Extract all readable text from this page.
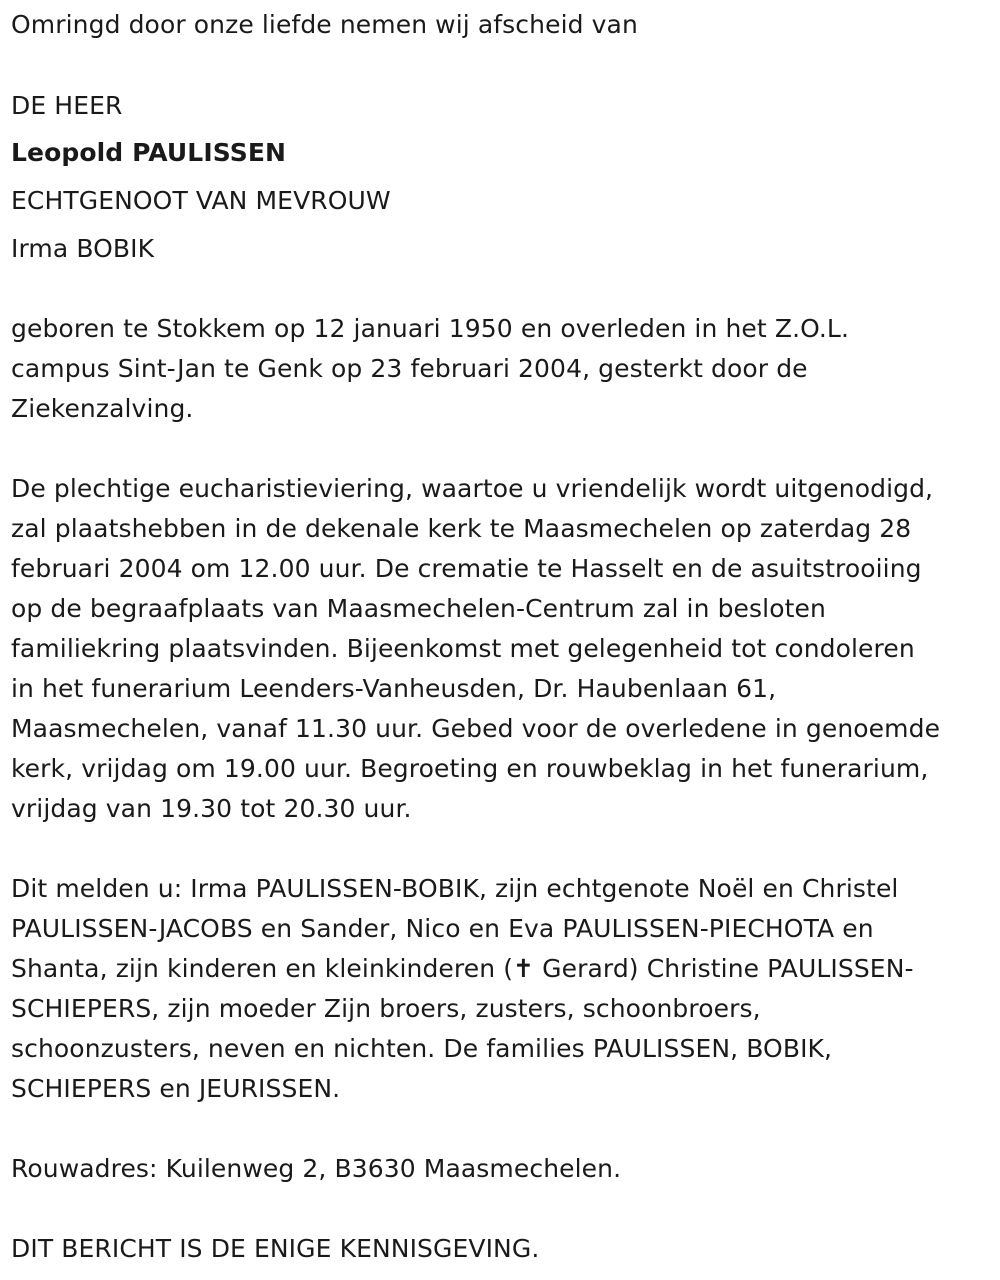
Omringd door onze liefde nemen wij afscheid van
DE HEER
Leopold PAULISSEN
ECHTGENOOT VAN MEVROUW
Irma BOBIK
geboren te Stokkem op 12 januari 1950 en overleden in het Z.O.L.
campus Sint-Jan te Genk op 23 februari 2004, gesterkt door de
Ziekenzalving.
De plechtige eucharistieviering, waartoe u vriendelijk wordt uitgenodigd,
zal plaatshebben in de dekenale kerk te Maasmechelen op zaterdag 28
februari 2004 om 12.00 uur. De crematie te Hasselt en de asuitstrooiing
op de begraafplaats van Maasmechelen-Centrum zal in besloten
familiekring plaatsvinden. Bijeenkomst met gelegenheid tot condoleren
in het funerarium Leenders-Vanheusden, Dr. Haubenlaan 61,
Maasmechelen, vanaf 11.30 uur. Gebed voor de overledene in genoemde
kerk, vrijdag om 19.00 uur. Begroeting en rouwbeklag in het funerarium,
vrijdag van 19.30 tot 20.30 uur.
Dit melden u: Irma PAULISSEN-BOBIK, zijn echtgenote Noël en Christel
PAULISSEN-JACOBS en Sander, Nico en Eva PAULISSEN-PIECHOTA en
Shanta, zijn kinderen en kleinkinderen (✝ Gerard) Christine PAULISSEN-
SCHIEPERS, zijn moeder Zijn broers, zusters, schoonbroers,
schoonzusters, neven en nichten. De families PAULISSEN, BOBIK,
SCHIEPERS en JEURISSEN.
Rouwadres: Kuilenweg 2, B3630 Maasmechelen.
DIT BERICHT IS DE ENIGE KENNISGEVING.
